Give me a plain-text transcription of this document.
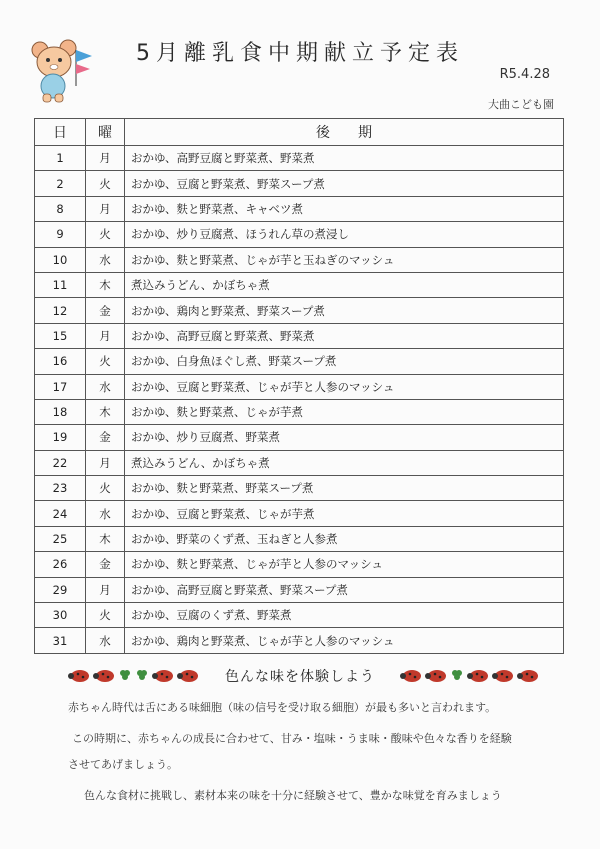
5月離乳食中期献立予定表
R5.4.28
大曲こども園
日	曜	後　　期
1	月	おかゆ、高野豆腐と野菜煮、野菜煮
2	火	おかゆ、豆腐と野菜煮、野菜スープ煮
8	月	おかゆ、麩と野菜煮、キャベツ煮
9	火	おかゆ、炒り豆腐煮、ほうれん草の煮浸し
10	水	おかゆ、麩と野菜煮、じゃが芋と玉ねぎのマッシュ
11	木	煮込みうどん、かぼちゃ煮
12	金	おかゆ、鶏肉と野菜煮、野菜スープ煮
15	月	おかゆ、高野豆腐と野菜煮、野菜煮
16	火	おかゆ、白身魚ほぐし煮、野菜スープ煮
17	水	おかゆ、豆腐と野菜煮、じゃが芋と人参のマッシュ
18	木	おかゆ、麩と野菜煮、じゃが芋煮
19	金	おかゆ、炒り豆腐煮、野菜煮
22	月	煮込みうどん、かぼちゃ煮
23	火	おかゆ、麩と野菜煮、野菜スープ煮
24	水	おかゆ、豆腐と野菜煮、じゃが芋煮
25	木	おかゆ、野菜のくず煮、玉ねぎと人参煮
26	金	おかゆ、麩と野菜煮、じゃが芋と人参のマッシュ
29	月	おかゆ、高野豆腐と野菜煮、野菜スープ煮
30	火	おかゆ、豆腐のくず煮、野菜煮
31	水	おかゆ、鶏肉と野菜煮、じゃが芋と人参のマッシュ
色んな味を体験しよう
赤ちゃん時代は舌にある味細胞（味の信号を受け取る細胞）が最も多いと言われます。
この時期に、赤ちゃんの成長に合わせて、甘み・塩味・うま味・酸味や色々な香りを経験
させてあげましょう。
色んな食材に挑戦し、素材本来の味を十分に経験させて、豊かな味覚を育みましょう
